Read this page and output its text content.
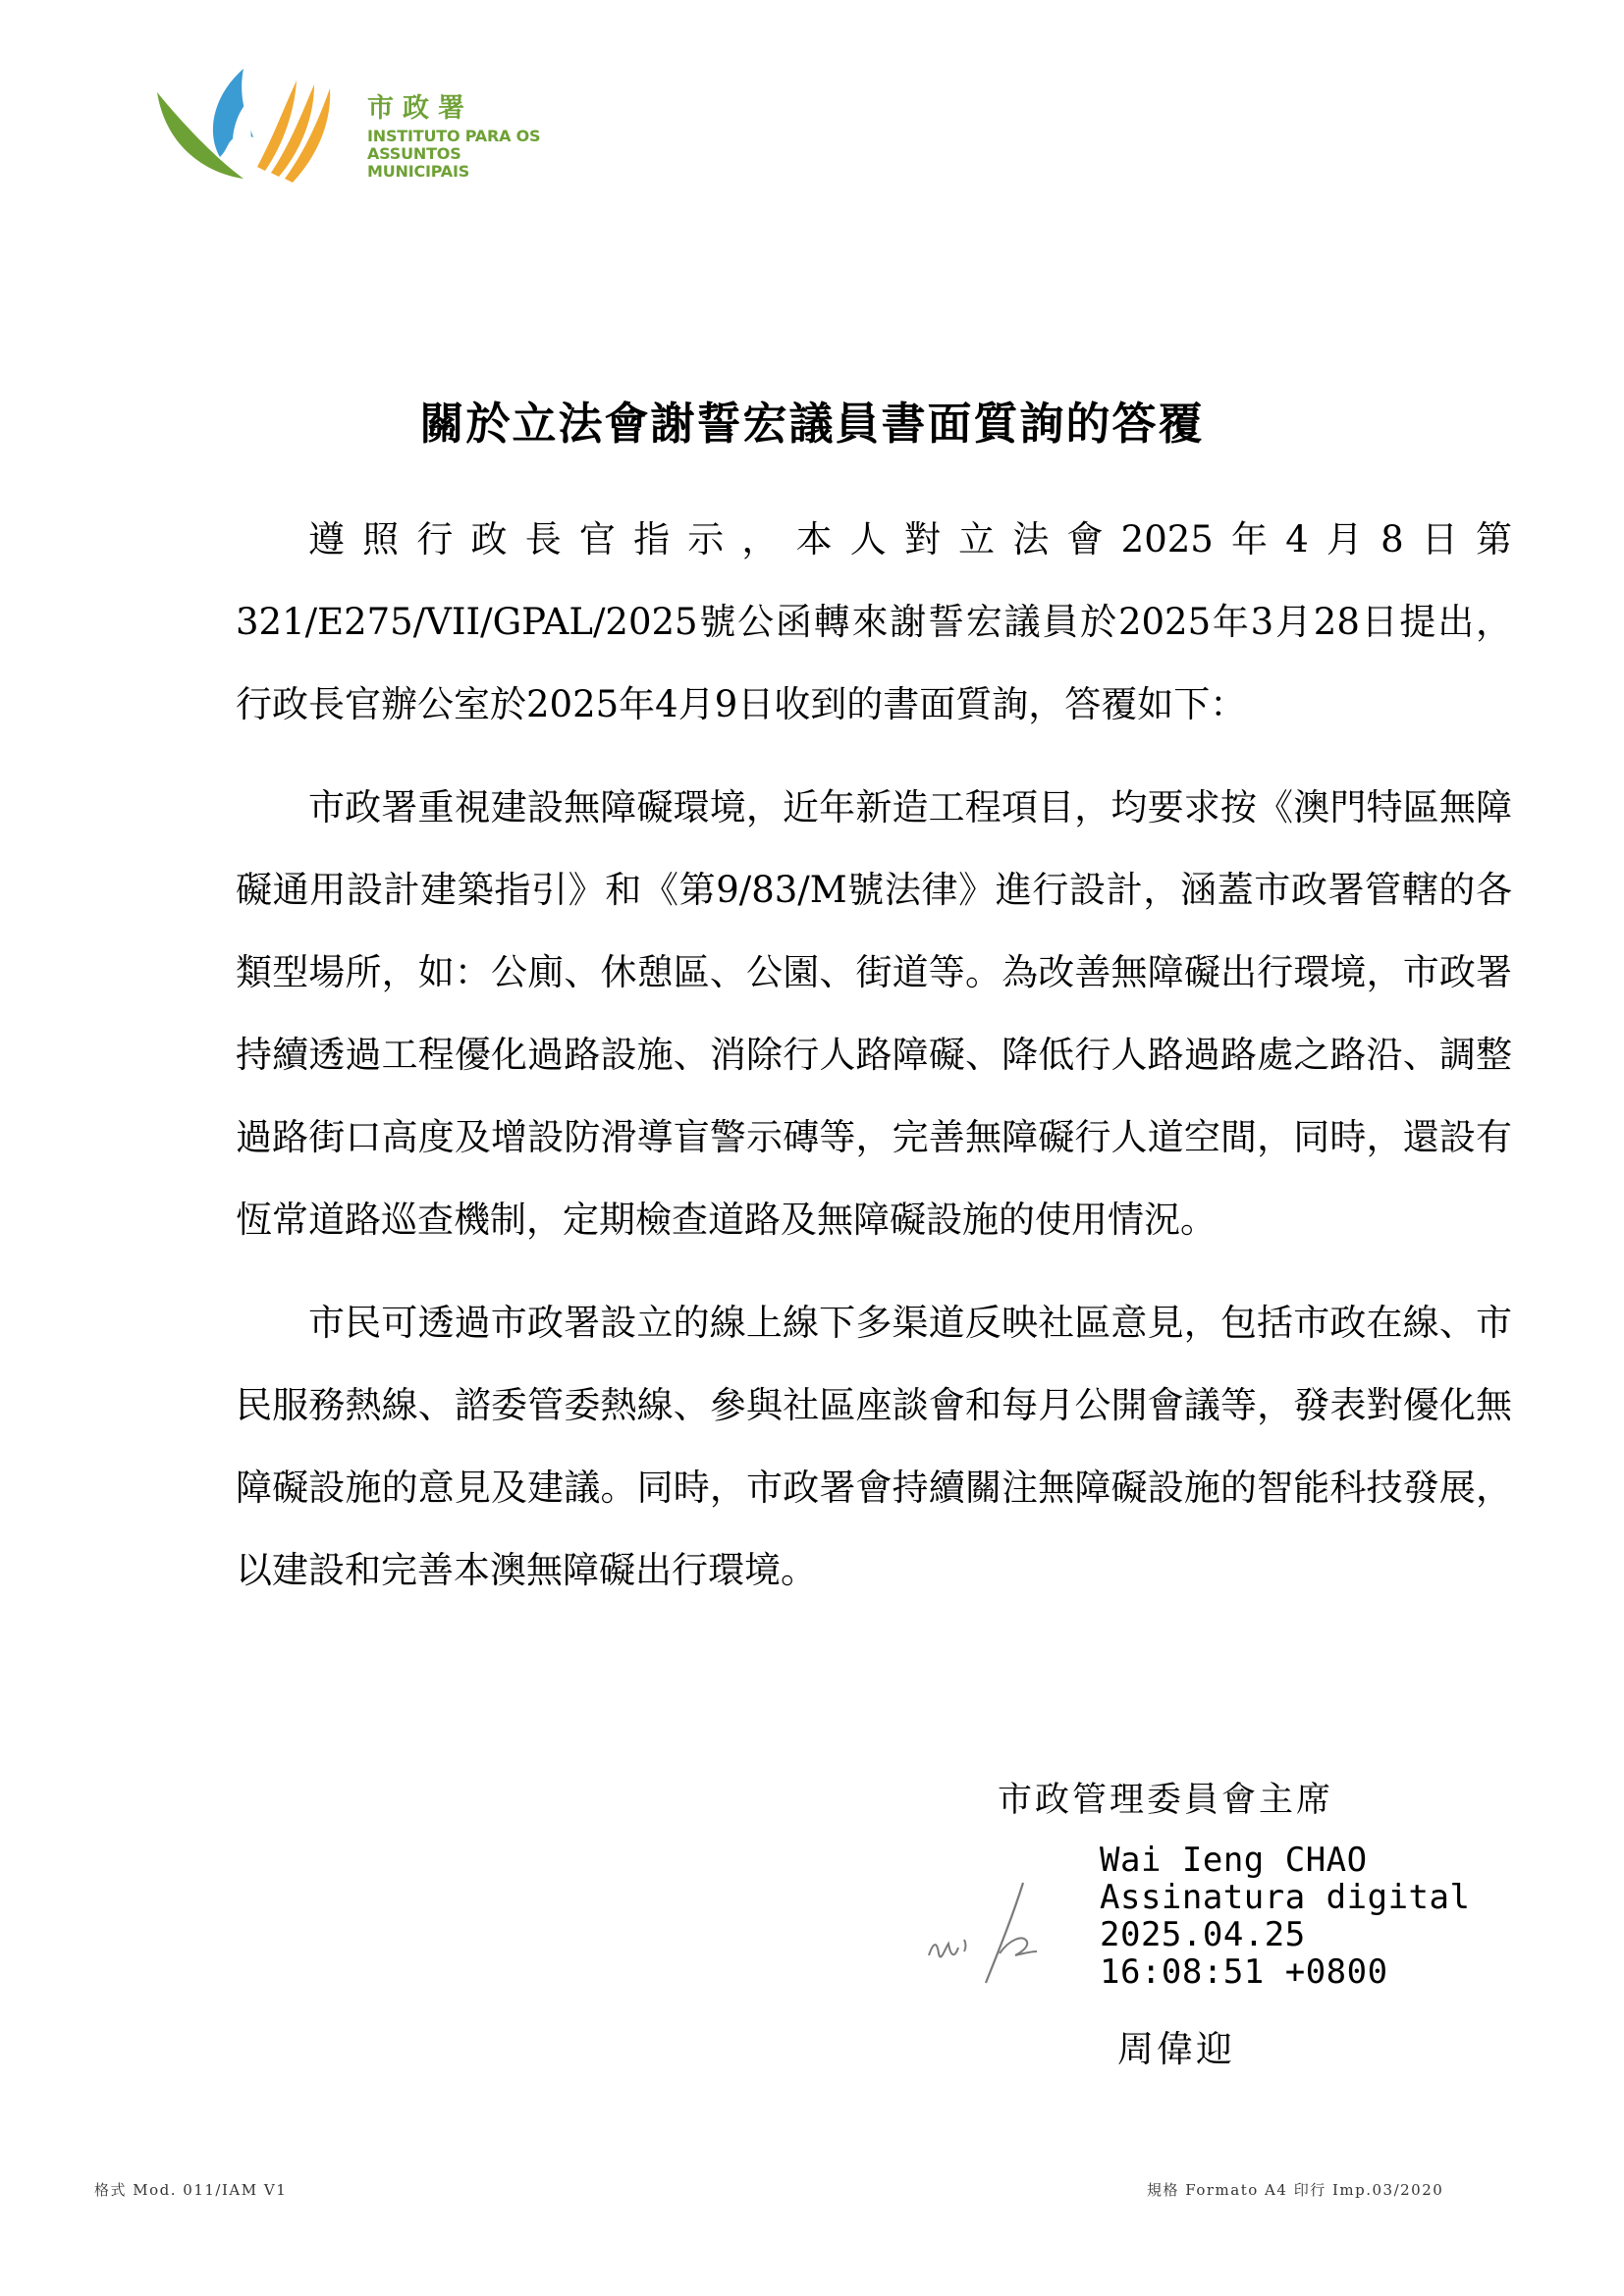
市政署
INSTITUTO PARA OS
ASSUNTOS MUNICIPAIS
關於立法會謝誓宏議員書面質詢的答覆

遵照行政長官指示，本人對立法會2025年4月8日第321/E275/VII/GPAL/2025號公函轉來謝誓宏議員於2025年3月28日提出，行政長官辦公室於2025年4月9日收到的書面質詢，答覆如下：

市政署重視建設無障礙環境，近年新造工程項目，均要求按《澳門特區無障礙通用設計建築指引》和《第9/83/M號法律》進行設計，涵蓋市政署管轄的各類型場所，如：公廁、休憩區、公園、街道等。為改善無障礙出行環境，市政署持續透過工程優化過路設施、消除行人路障礙、降低行人路過路處之路沿、調整過路街口高度及增設防滑導盲警示磚等，完善無障礙行人道空間，同時，還設有恆常道路巡查機制，定期檢查道路及無障礙設施的使用情況。

市民可透過市政署設立的線上線下多渠道反映社區意見，包括市政在線、市民服務熱線、諮委管委熱線、參與社區座談會和每月公開會議等，發表對優化無障礙設施的意見及建議。同時，市政署會持續關注無障礙設施的智能科技發展，以建設和完善本澳無障礙出行環境。

市政管理委員會主席
Wai Ieng CHAO
Assinatura digital
2025.04.25
16:08:51 +0800
周偉迎
格式 Mod. 011/IAM V1	規格 Formato A4 印行 Imp.03/2020
